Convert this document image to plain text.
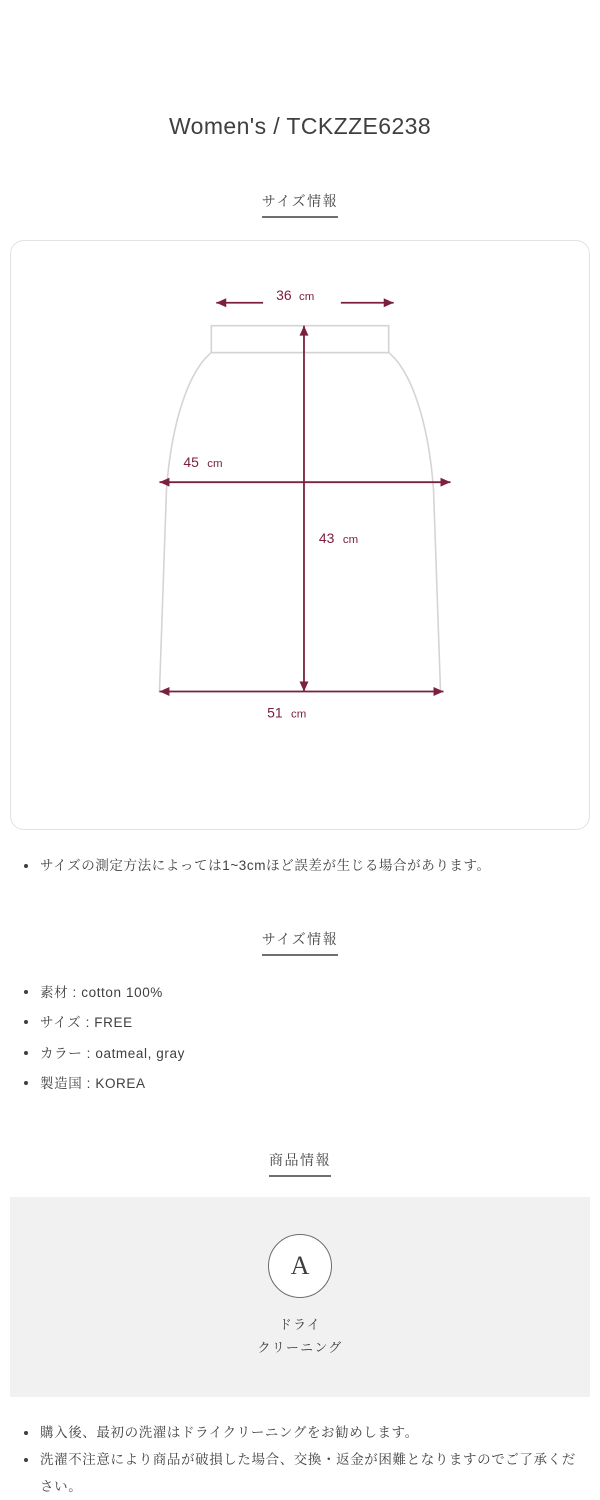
Women's / TCKZZE6238
サイズ情報
36 cm
45 cm
43 cm
51 cm
サイズの測定方法によっては1~3cmほど誤差が生じる場合があります。
サイズ情報
素材 : cotton 100%
サイズ : FREE
カラー : oatmeal, gray
製造国 : KOREA
商品情報
A
ドライ
クリーニング
購入後、最初の洗濯はドライクリーニングをお勧めします。
洗濯不注意により商品が破損した場合、交換・返金が困難となりますのでご了承ください。
